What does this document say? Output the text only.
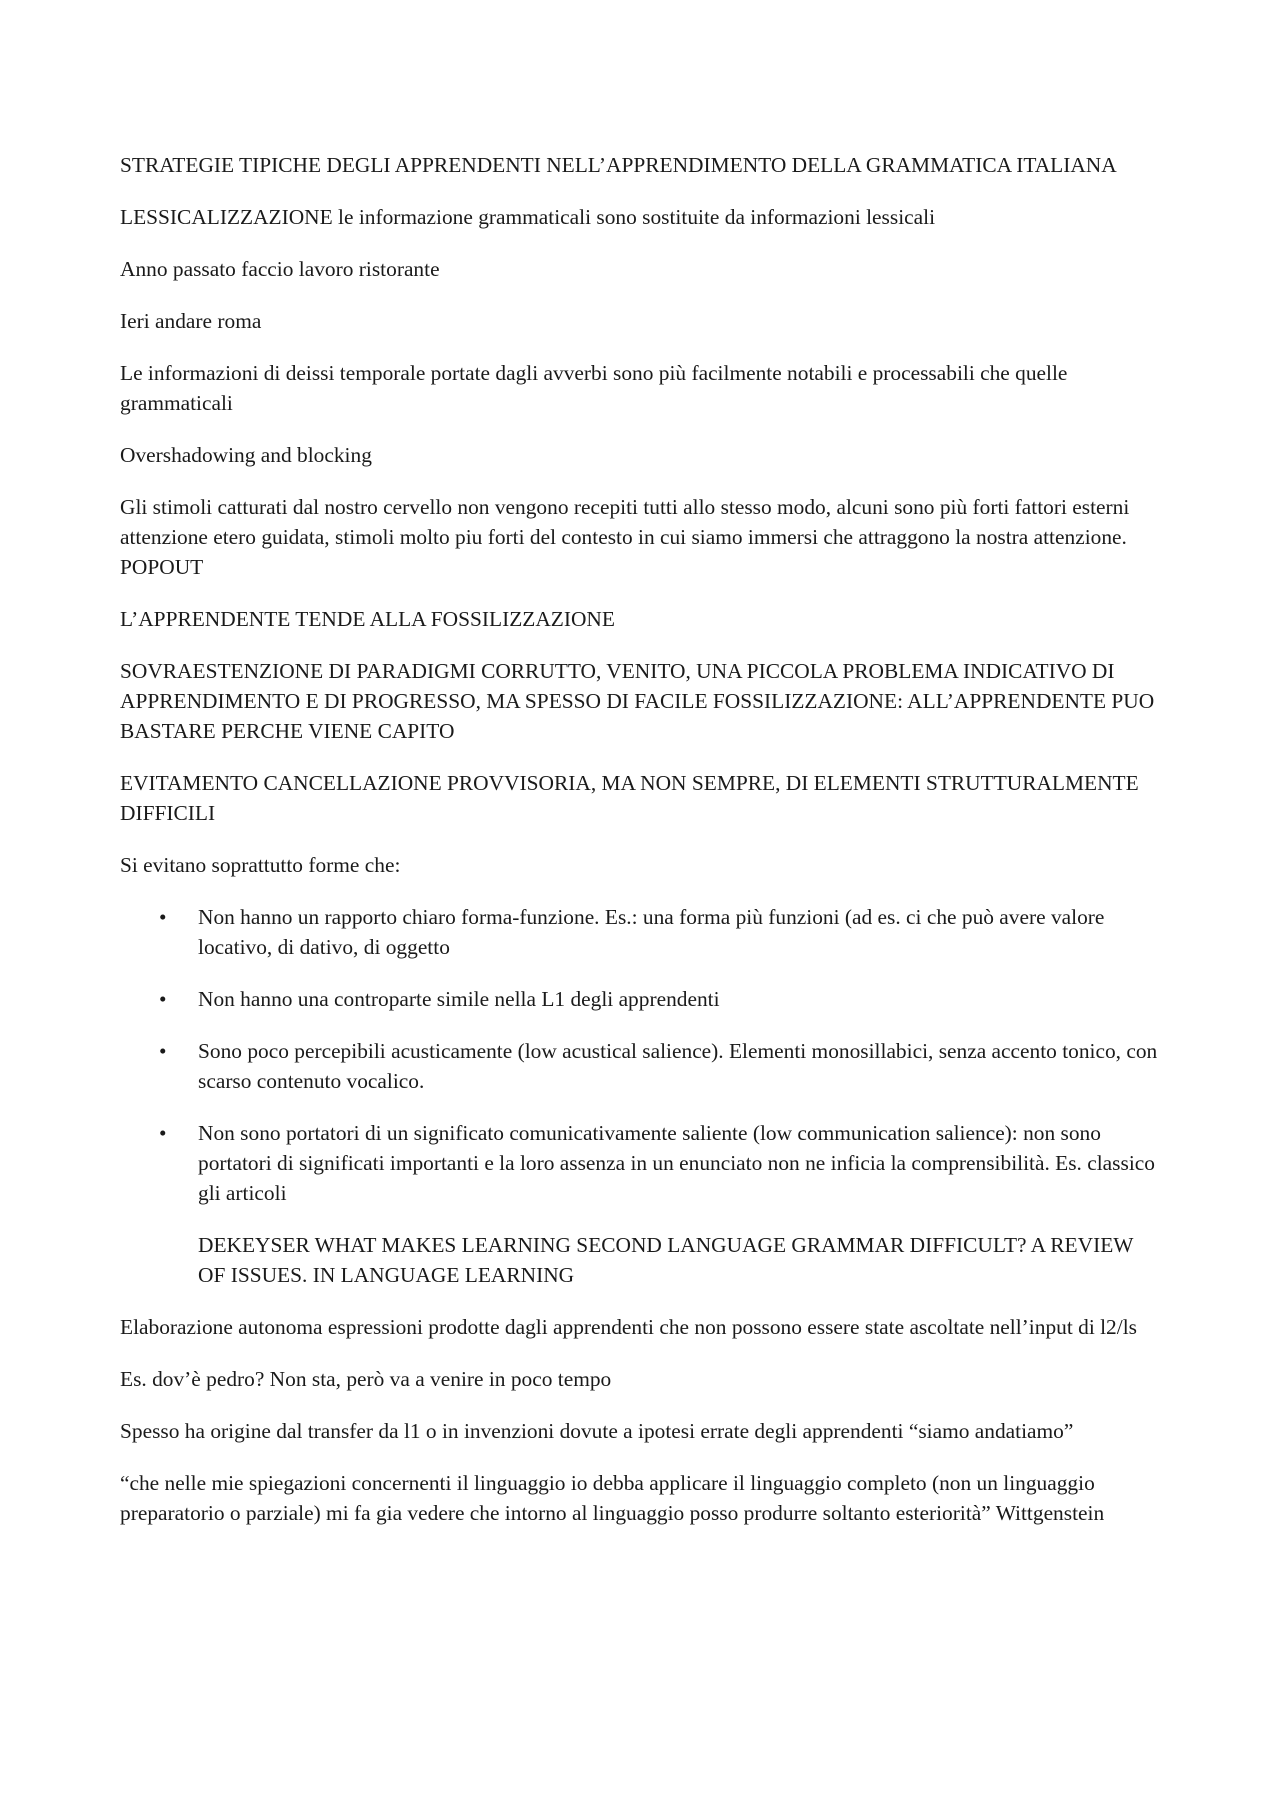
STRATEGIE TIPICHE DEGLI APPRENDENTI NELL’APPRENDIMENTO DELLA GRAMMATICA ITALIANA

LESSICALIZZAZIONE le informazione grammaticali sono sostituite da informazioni lessicali

Anno passato faccio lavoro ristorante

Ieri andare roma

Le informazioni di deissi temporale portate dagli avverbi sono più facilmente notabili e processabili che quelle grammaticali

Overshadowing and blocking

Gli stimoli catturati dal nostro cervello non vengono recepiti tutti allo stesso modo, alcuni sono più forti fattori esterni attenzione etero guidata, stimoli molto piu forti del contesto in cui siamo immersi che attraggono la nostra attenzione. POPOUT

L’APPRENDENTE TENDE ALLA FOSSILIZZAZIONE

SOVRAESTENZIONE DI PARADIGMI CORRUTTO, VENITO, UNA PICCOLA PROBLEMA INDICATIVO DI APPRENDIMENTO E DI PROGRESSO, MA SPESSO DI FACILE FOSSILIZZAZIONE: ALL’APPRENDENTE PUO BASTARE PERCHE VIENE CAPITO

EVITAMENTO CANCELLAZIONE PROVVISORIA, MA NON SEMPRE, DI ELEMENTI STRUTTURALMENTE DIFFICILI

Si evitano soprattutto forme che:

• Non hanno un rapporto chiaro forma-funzione. Es.: una forma più funzioni (ad es. ci che può avere valore locativo, di dativo, di oggetto
• Non hanno una controparte simile nella L1 degli apprendenti
• Sono poco percepibili acusticamente (low acustical salience). Elementi monosillabici, senza accento tonico, con scarso contenuto vocalico.
• Non sono portatori di un significato comunicativamente saliente (low communication salience): non sono portatori di significati importanti e la loro assenza in un enunciato non ne inficia la comprensibilità. Es. classico gli articoli

DEKEYSER WHAT MAKES LEARNING SECOND LANGUAGE GRAMMAR DIFFICULT? A REVIEW OF ISSUES. IN LANGUAGE LEARNING

Elaborazione autonoma espressioni prodotte dagli apprendenti che non possono essere state ascoltate nell’input di l2/ls

Es. dov’è pedro? Non sta, però va a venire in poco tempo

Spesso ha origine dal transfer da l1 o in invenzioni dovute a ipotesi errate degli apprendenti “siamo andatiamo”

“che nelle mie spiegazioni concernenti il linguaggio io debba applicare il linguaggio completo (non un linguaggio preparatorio o parziale) mi fa gia vedere che intorno al linguaggio posso produrre soltanto esteriorità” Wittgenstein
